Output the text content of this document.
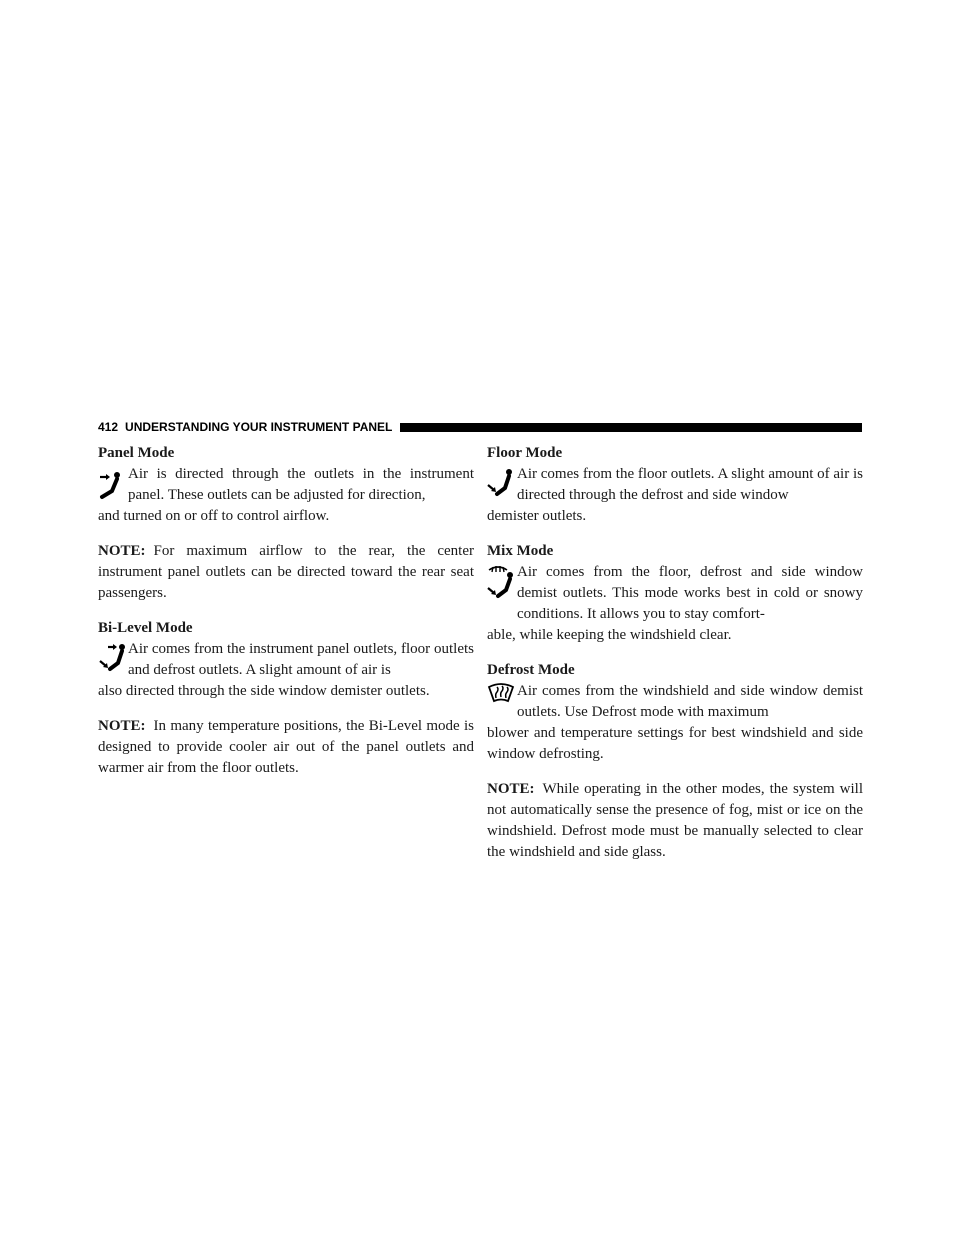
412 UNDERSTANDING YOUR INSTRUMENT PANEL
Panel Mode
Air is directed through the outlets in the instrument panel. These outlets can be adjusted for direction,
and turned on or off to control airflow.

NOTE: For maximum airflow to the rear, the center instrument panel outlets can be directed toward the rear seat passengers.

Bi-Level Mode
Air comes from the instrument panel outlets, floor outlets and defrost outlets. A slight amount of air is
also directed through the side window demister outlets.

NOTE: In many temperature positions, the Bi-Level mode is designed to provide cooler air out of the panel outlets and warmer air from the floor outlets.

Floor Mode
Air comes from the floor outlets. A slight amount of air is directed through the defrost and side window
demister outlets.
Mix Mode
Air comes from the floor, defrost and side window demist outlets. This mode works best in cold or snowy conditions. It allows you to stay comfort-
able, while keeping the windshield clear.
Defrost Mode
Air comes from the windshield and side window demist outlets. Use Defrost mode with maximum
blower and temperature settings for best windshield and side window defrosting.

NOTE: While operating in the other modes, the system will not automatically sense the presence of fog, mist or ice on the windshield. Defrost mode must be manually selected to clear the windshield and side glass.
